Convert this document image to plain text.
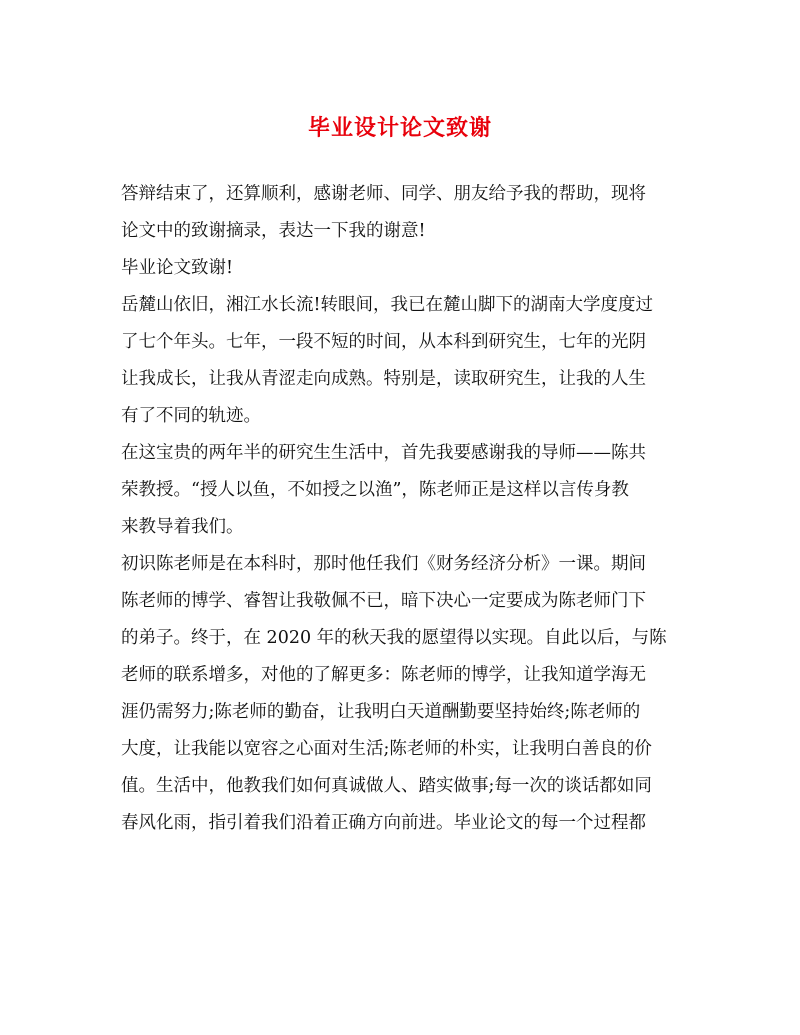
毕业设计论文致谢
答辩结束了，还算顺利，感谢老师、同学、朋友给予我的帮助，现将
论文中的致谢摘录，表达一下我的谢意!
毕业论文致谢!
岳麓山依旧，湘江水长流!转眼间，我已在麓山脚下的湖南大学度度过
了七个年头。七年，一段不短的时间，从本科到研究生，七年的光阴
让我成长，让我从青涩走向成熟。特别是，读取研究生，让我的人生
有了不同的轨迹。
在这宝贵的两年半的研究生生活中，首先我要感谢我的导师——陈共
荣教授。“授人以鱼，不如授之以渔”，陈老师正是这样以言传身教
来教导着我们。
初识陈老师是在本科时，那时他任我们《财务经济分析》一课。期间
陈老师的博学、睿智让我敬佩不已，暗下决心一定要成为陈老师门下
的弟子。终于，在 2020 年的秋天我的愿望得以实现。自此以后，与陈
老师的联系增多，对他的了解更多：陈老师的博学，让我知道学海无
涯仍需努力;陈老师的勤奋，让我明白天道酬勤要坚持始终;陈老师的
大度，让我能以宽容之心面对生活;陈老师的朴实，让我明白善良的价
值。生活中，他教我们如何真诚做人、踏实做事;每一次的谈话都如同
春风化雨，指引着我们沿着正确方向前进。毕业论文的每一个过程都
